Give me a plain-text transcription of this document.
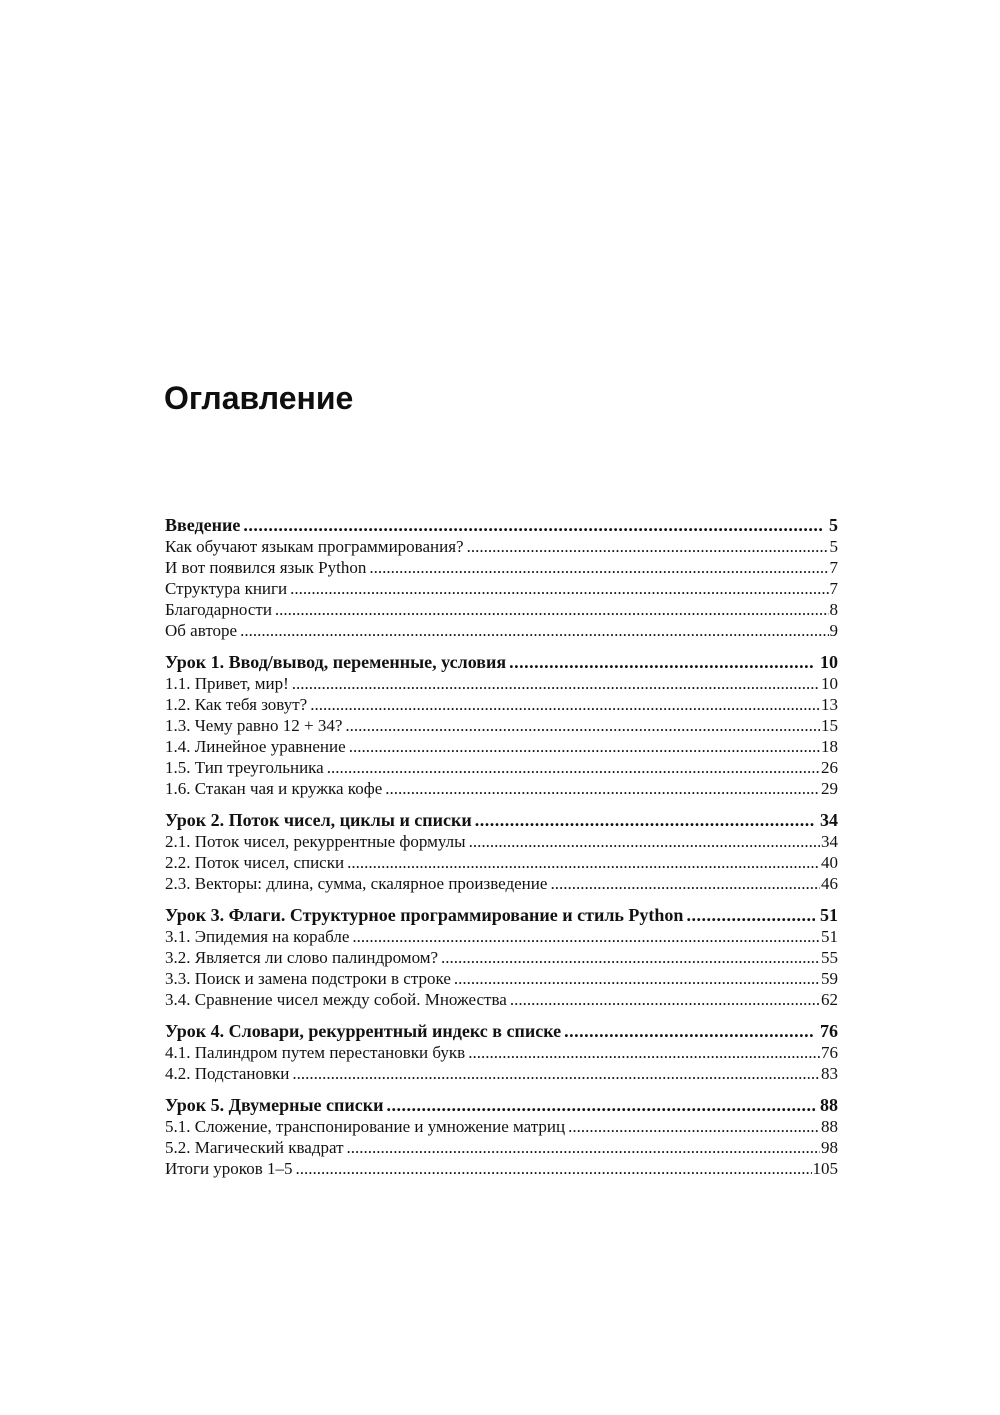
Оглавление
Введение .....	5
Как обучают языкам программирования? .....	5
И вот появился язык Python .....	7
Структура книги .....	7
Благодарности .....	8
Об авторе .....	9
Урок 1. Ввод/вывод, переменные, условия .....	10
1.1. Привет, мир! .....	10
1.2. Как тебя зовут? .....	13
1.3. Чему равно 12 + 34? .....	15
1.4. Линейное уравнение .....	18
1.5. Тип треугольника .....	26
1.6. Стакан чая и кружка кофе .....	29
Урок 2. Поток чисел, циклы и списки .....	34
2.1. Поток чисел, рекуррентные формулы .....	34
2.2. Поток чисел, списки .....	40
2.3. Векторы: длина, сумма, скалярное произведение .....	46
Урок 3. Флаги. Структурное программирование и стиль Python .....	51
3.1. Эпидемия на корабле .....	51
3.2. Является ли слово палиндромом? .....	55
3.3. Поиск и замена подстроки в строке .....	59
3.4. Сравнение чисел между собой. Множества .....	62
Урок 4. Словари, рекуррентный индекс в списке .....	76
4.1. Палиндром путем перестановки букв .....	76
4.2. Подстановки .....	83
Урок 5. Двумерные списки .....	88
5.1. Сложение, транспонирование и умножение матриц .....	88
5.2. Магический квадрат .....	98
Итоги уроков 1–5 .....	105
